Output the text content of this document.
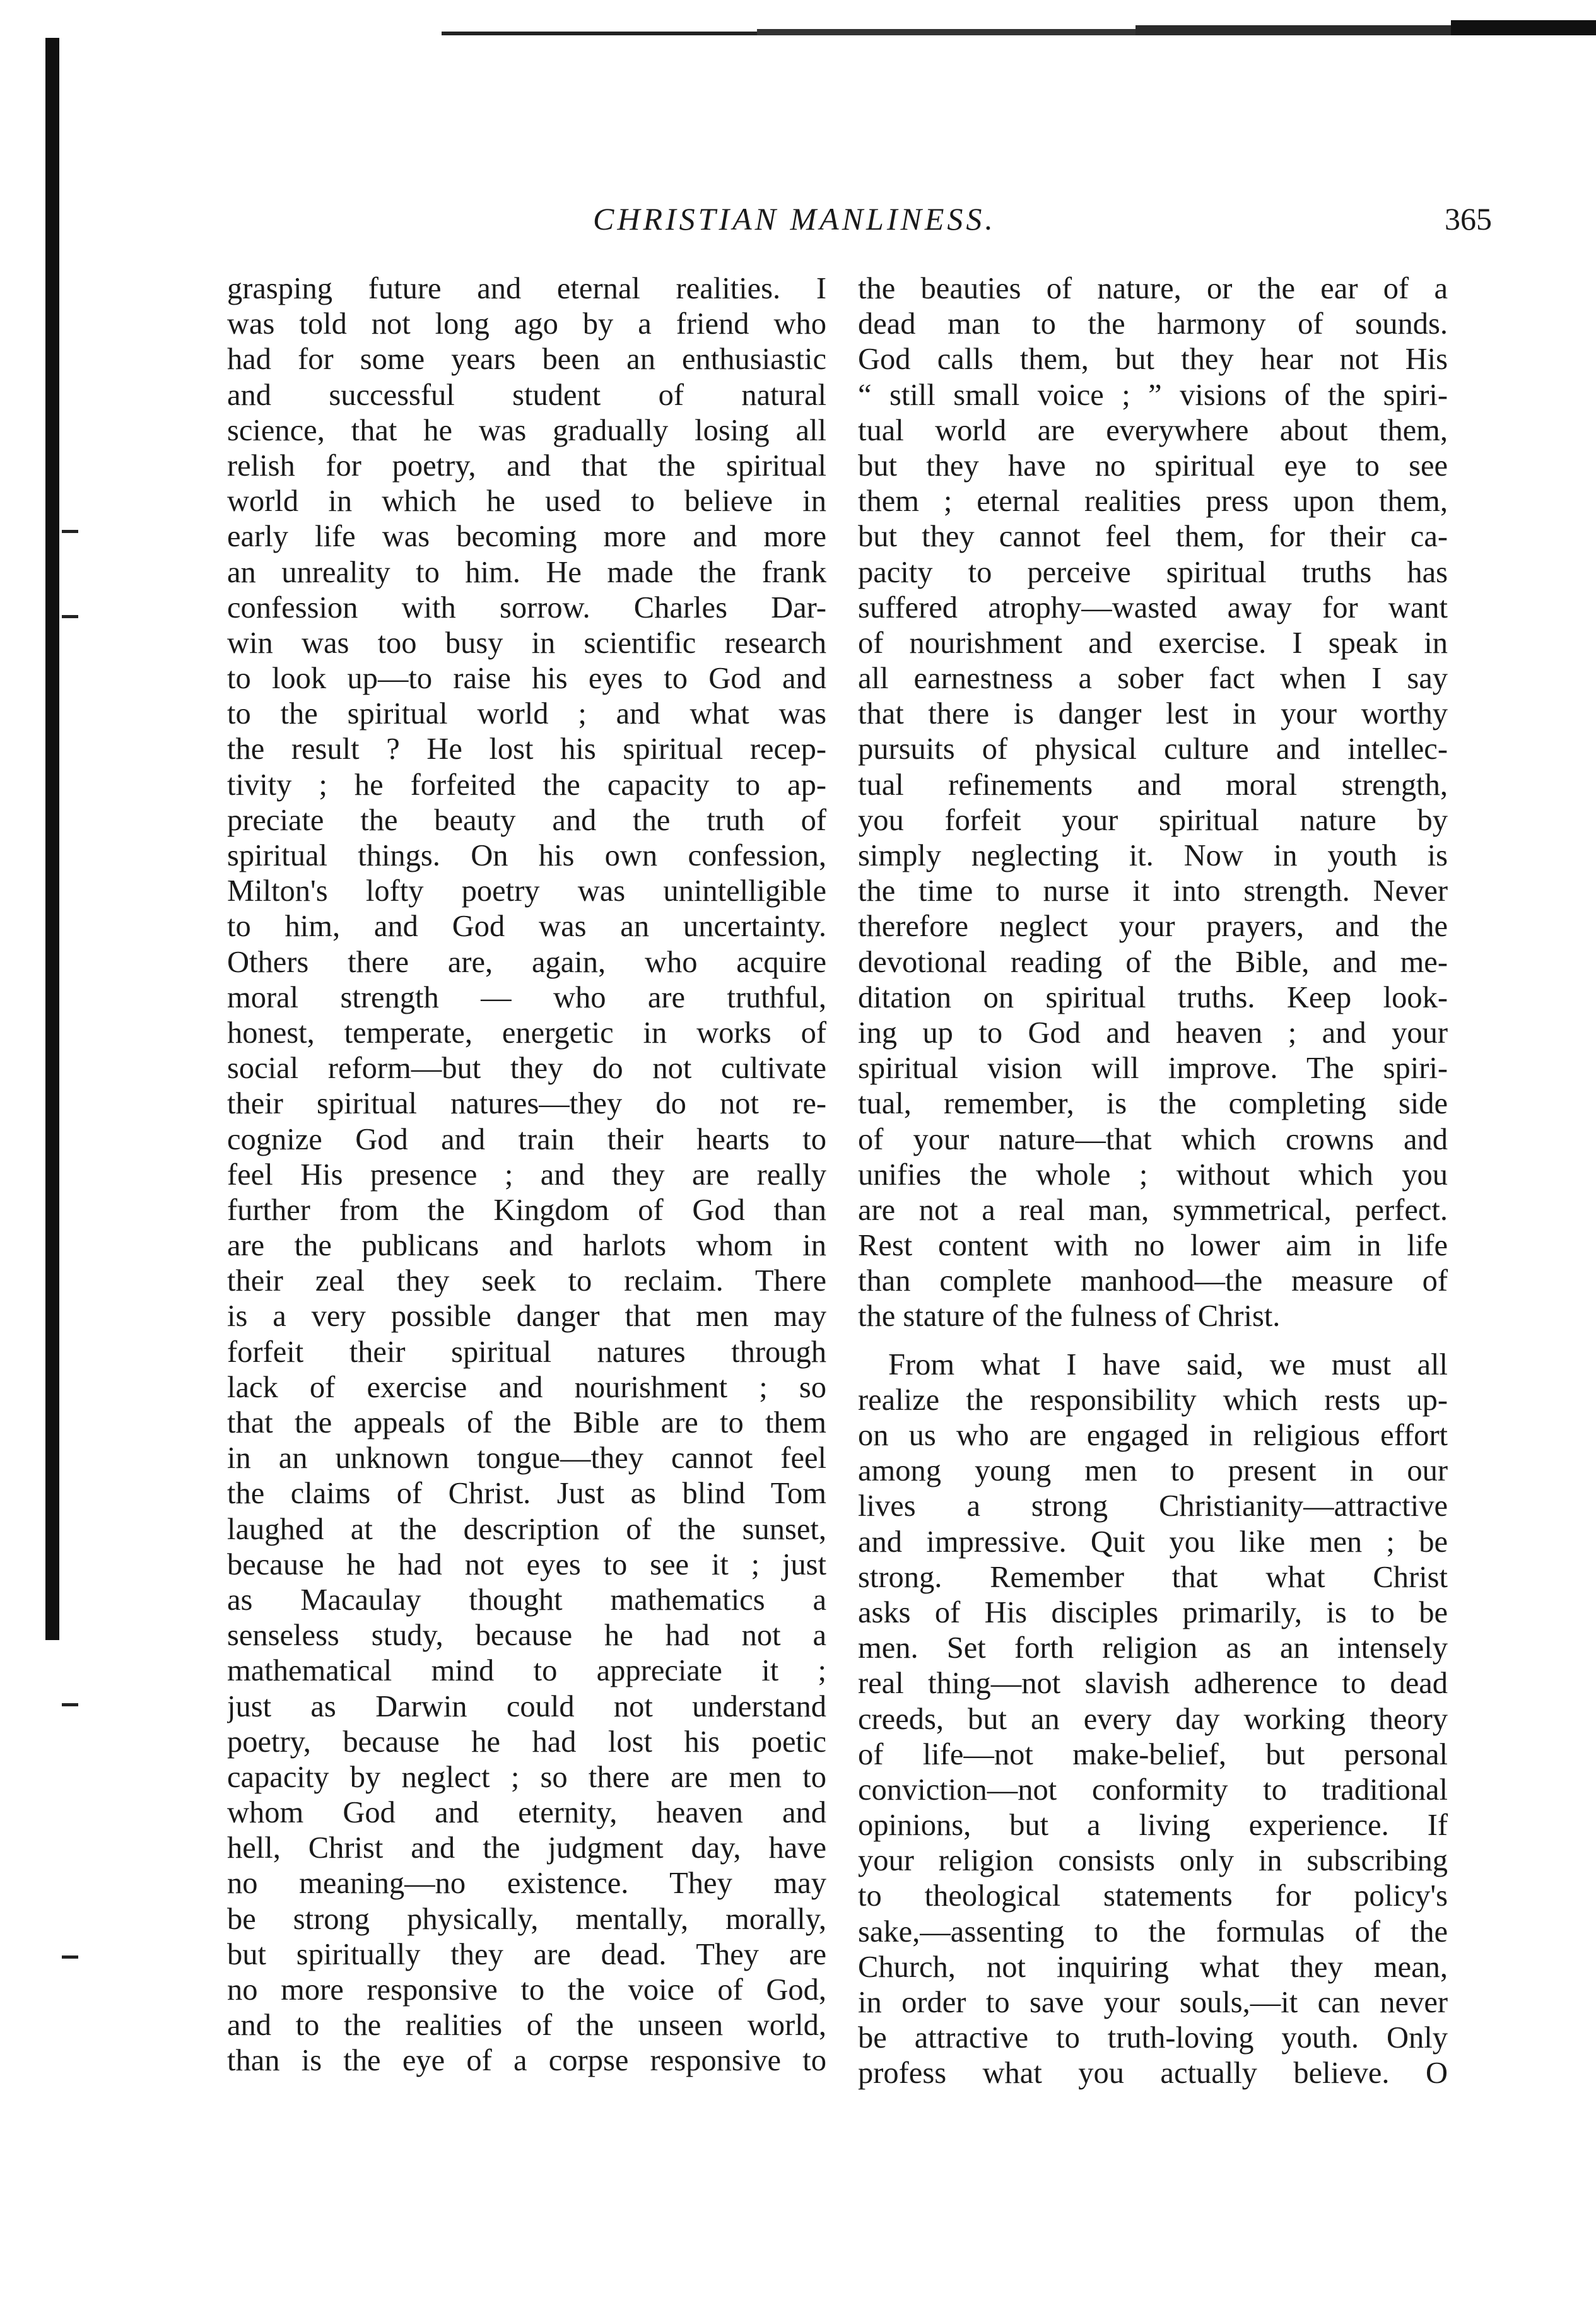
CHRISTIAN MANLINESS.	365
grasping future and eternal realities. I
was told not long ago by a friend who
had for some years been an enthusiastic
and successful student of natural
science, that he was gradually losing all
relish for poetry, and that the spiritual
world in which he used to believe in
early life was becoming more and more
an unreality to him. He made the frank
confession with sorrow. Charles Dar-
win was too busy in scientific research
to look up—to raise his eyes to God and
to the spiritual world ; and what was
the result ? He lost his spiritual recep-
tivity ; he forfeited the capacity to ap-
preciate the beauty and the truth of
spiritual things. On his own confession,
Milton's lofty poetry was unintelligible
to him, and God was an uncertainty.
Others there are, again, who acquire
moral strength — who are truthful,
honest, temperate, energetic in works of
social reform—but they do not cultivate
their spiritual natures—they do not re-
cognize God and train their hearts to
feel His presence ; and they are really
further from the Kingdom of God than
are the publicans and harlots whom in
their zeal they seek to reclaim. There
is a very possible danger that men may
forfeit their spiritual natures through
lack of exercise and nourishment ; so
that the appeals of the Bible are to them
in an unknown tongue—they cannot feel
the claims of Christ. Just as blind Tom
laughed at the description of the sunset,
because he had not eyes to see it ; just
as Macaulay thought mathematics a
senseless study, because he had not a
mathematical mind to appreciate it ;
just as Darwin could not understand
poetry, because he had lost his poetic
capacity by neglect ; so there are men to
whom God and eternity, heaven and
hell, Christ and the judgment day, have
no meaning—no existence. They may
be strong physically, mentally, morally,
but spiritually they are dead. They are
no more responsive to the voice of God,
and to the realities of the unseen world,
than is the eye of a corpse responsive to
the beauties of nature, or the ear of a
dead man to the harmony of sounds.
God calls them, but they hear not His
“ still small voice ; ” visions of the spiri-
tual world are everywhere about them,
but they have no spiritual eye to see
them ; eternal realities press upon them,
but they cannot feel them, for their ca-
pacity to perceive spiritual truths has
suffered atrophy—wasted away for want
of nourishment and exercise. I speak in
all earnestness a sober fact when I say
that there is danger lest in your worthy
pursuits of physical culture and intellec-
tual refinements and moral strength,
you forfeit your spiritual nature by
simply neglecting it. Now in youth is
the time to nurse it into strength. Never
therefore neglect your prayers, and the
devotional reading of the Bible, and me-
ditation on spiritual truths. Keep look-
ing up to God and heaven ; and your
spiritual vision will improve. The spiri-
tual, remember, is the completing side
of your nature—that which crowns and
unifies the whole ; without which you
are not a real man, symmetrical, perfect.
Rest content with no lower aim in life
than complete manhood—the measure of
the stature of the fulness of Christ.
From what I have said, we must all
realize the responsibility which rests up-
on us who are engaged in religious effort
among young men to present in our
lives a strong Christianity—attractive
and impressive. Quit you like men ; be
strong. Remember that what Christ
asks of His disciples primarily, is to be
men. Set forth religion as an intensely
real thing—not slavish adherence to dead
creeds, but an every day working theory
of life—not make-belief, but personal
conviction—not conformity to traditional
opinions, but a living experience. If
your religion consists only in subscribing
to theological statements for policy's
sake,—assenting to the formulas of the
Church, not inquiring what they mean,
in order to save your souls,—it can never
be attractive to truth-loving youth. Only
profess what you actually believe. O
